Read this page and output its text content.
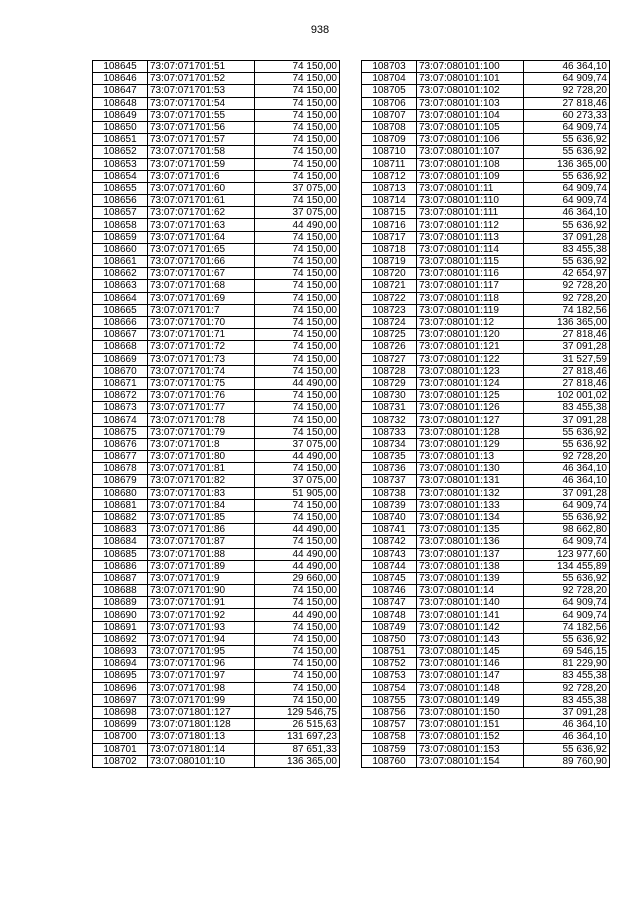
938
108645	73:07:071701:51	74 150,00
108646	73:07:071701:52	74 150,00
108647	73:07:071701:53	74 150,00
108648	73:07:071701:54	74 150,00
108649	73:07:071701:55	74 150,00
108650	73:07:071701:56	74 150,00
108651	73:07:071701:57	74 150,00
108652	73:07:071701:58	74 150,00
108653	73:07:071701:59	74 150,00
108654	73:07:071701:6	74 150,00
108655	73:07:071701:60	37 075,00
108656	73:07:071701:61	74 150,00
108657	73:07:071701:62	37 075,00
108658	73:07:071701:63	44 490,00
108659	73:07:071701:64	74 150,00
108660	73:07:071701:65	74 150,00
108661	73:07:071701:66	74 150,00
108662	73:07:071701:67	74 150,00
108663	73:07:071701:68	74 150,00
108664	73:07:071701:69	74 150,00
108665	73:07:071701:7	74 150,00
108666	73:07:071701:70	74 150,00
108667	73:07:071701:71	74 150,00
108668	73:07:071701:72	74 150,00
108669	73:07:071701:73	74 150,00
108670	73:07:071701:74	74 150,00
108671	73:07:071701:75	44 490,00
108672	73:07:071701:76	74 150,00
108673	73:07:071701:77	74 150,00
108674	73:07:071701:78	74 150,00
108675	73:07:071701:79	74 150,00
108676	73:07:071701:8	37 075,00
108677	73:07:071701:80	44 490,00
108678	73:07:071701:81	74 150,00
108679	73:07:071701:82	37 075,00
108680	73:07:071701:83	51 905,00
108681	73:07:071701:84	74 150,00
108682	73:07:071701:85	74 150,00
108683	73:07:071701:86	44 490,00
108684	73:07:071701:87	74 150,00
108685	73:07:071701:88	44 490,00
108686	73:07:071701:89	44 490,00
108687	73:07:071701:9	29 660,00
108688	73:07:071701:90	74 150,00
108689	73:07:071701:91	74 150,00
108690	73:07:071701:92	44 490,00
108691	73:07:071701:93	74 150,00
108692	73:07:071701:94	74 150,00
108693	73:07:071701:95	74 150,00
108694	73:07:071701:96	74 150,00
108695	73:07:071701:97	74 150,00
108696	73:07:071701:98	74 150,00
108697	73:07:071701:99	74 150,00
108698	73:07:071801:127	129 546,75
108699	73:07:071801:128	26 515,63
108700	73:07:071801:13	131 697,23
108701	73:07:071801:14	87 651,33
108702	73:07:080101:10	136 365,00
108703	73:07:080101:100	46 364,10
108704	73:07:080101:101	64 909,74
108705	73:07:080101:102	92 728,20
108706	73:07:080101:103	27 818,46
108707	73:07:080101:104	60 273,33
108708	73:07:080101:105	64 909,74
108709	73:07:080101:106	55 636,92
108710	73:07:080101:107	55 636,92
108711	73:07:080101:108	136 365,00
108712	73:07:080101:109	55 636,92
108713	73:07:080101:11	64 909,74
108714	73:07:080101:110	64 909,74
108715	73:07:080101:111	46 364,10
108716	73:07:080101:112	55 636,92
108717	73:07:080101:113	37 091,28
108718	73:07:080101:114	83 455,38
108719	73:07:080101:115	55 636,92
108720	73:07:080101:116	42 654,97
108721	73:07:080101:117	92 728,20
108722	73:07:080101:118	92 728,20
108723	73:07:080101:119	74 182,56
108724	73:07:080101:12	136 365,00
108725	73:07:080101:120	27 818,46
108726	73:07:080101:121	37 091,28
108727	73:07:080101:122	31 527,59
108728	73:07:080101:123	27 818,46
108729	73:07:080101:124	27 818,46
108730	73:07:080101:125	102 001,02
108731	73:07:080101:126	83 455,38
108732	73:07:080101:127	37 091,28
108733	73:07:080101:128	55 636,92
108734	73:07:080101:129	55 636,92
108735	73:07:080101:13	92 728,20
108736	73:07:080101:130	46 364,10
108737	73:07:080101:131	46 364,10
108738	73:07:080101:132	37 091,28
108739	73:07:080101:133	64 909,74
108740	73:07:080101:134	55 636,92
108741	73:07:080101:135	98 662,80
108742	73:07:080101:136	64 909,74
108743	73:07:080101:137	123 977,60
108744	73:07:080101:138	134 455,89
108745	73:07:080101:139	55 636,92
108746	73:07:080101:14	92 728,20
108747	73:07:080101:140	64 909,74
108748	73:07:080101:141	64 909,74
108749	73:07:080101:142	74 182,56
108750	73:07:080101:143	55 636,92
108751	73:07:080101:145	69 546,15
108752	73:07:080101:146	81 229,90
108753	73:07:080101:147	83 455,38
108754	73:07:080101:148	92 728,20
108755	73:07:080101:149	83 455,38
108756	73:07:080101:150	37 091,28
108757	73:07:080101:151	46 364,10
108758	73:07:080101:152	46 364,10
108759	73:07:080101:153	55 636,92
108760	73:07:080101:154	89 760,90
